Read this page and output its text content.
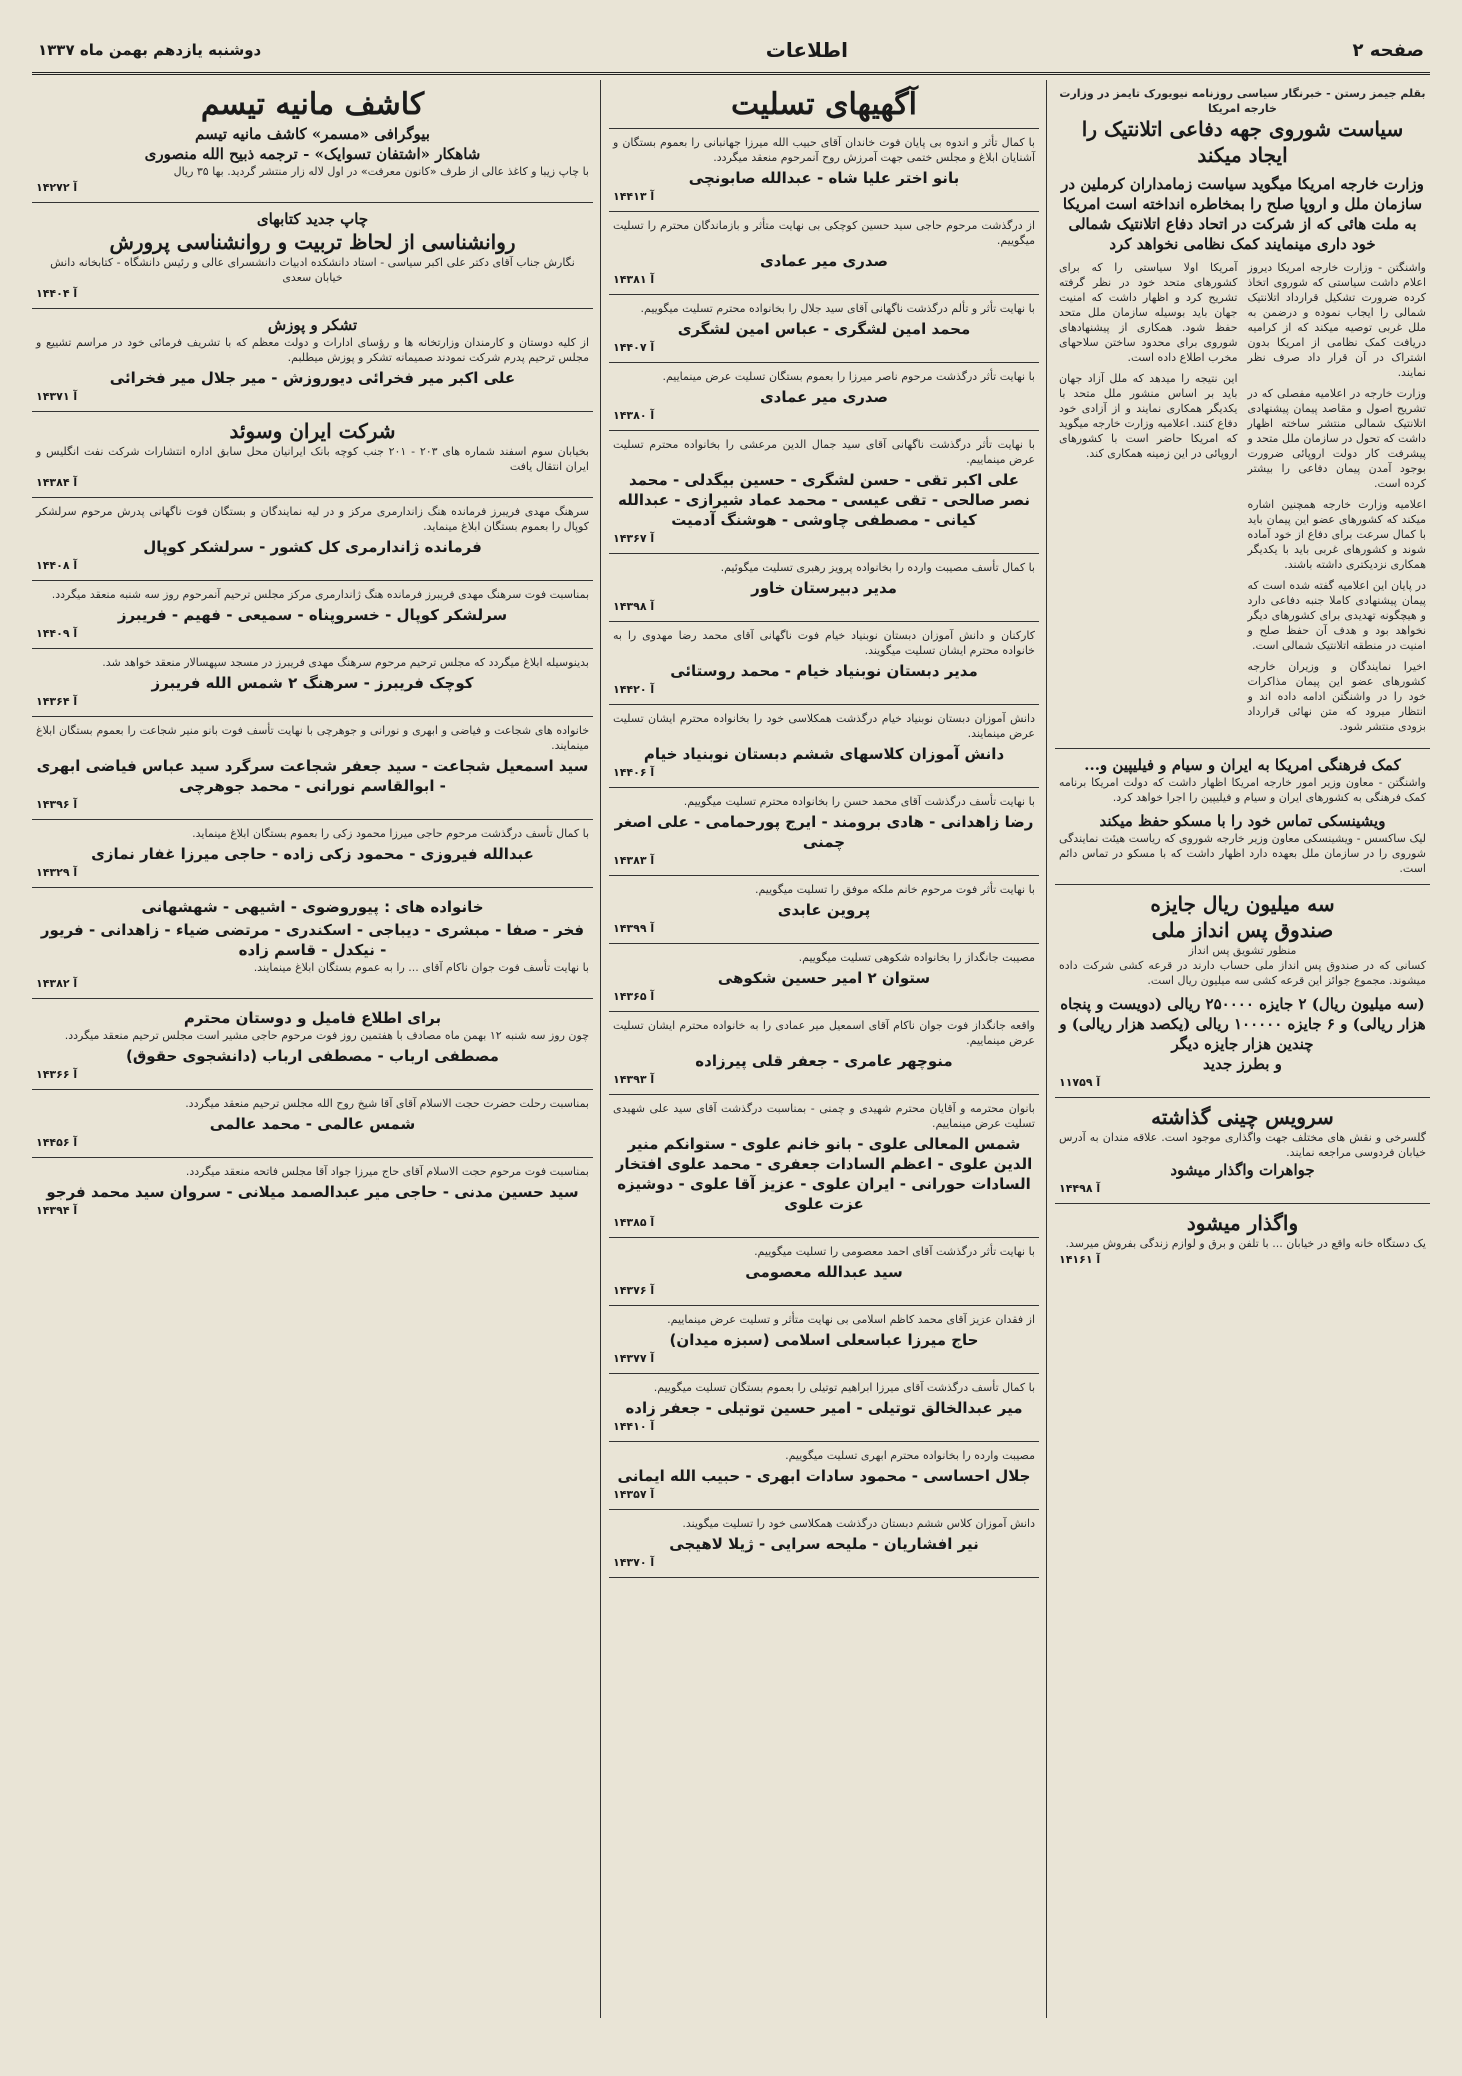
صفحه ۲
اطلاعات
دوشنبه یازدهم بهمن ماه ۱۳۳۷
بقلم جیمز رستن - خبرنگار سیاسی روزنامه نیویورک تایمز در وزارت خارجه امریکا
سیاست شوروی جهه دفاعی اتلانتیک را ایجاد میکند
وزارت خارجه امریکا میگوید سیاست زمامداران کرملین در سازمان ملل و اروپا صلح را بمخاطره انداخته است امریکا به ملت هائی که از شرکت در اتحاد دفاع اتلانتیک شمالی خود داری مینمایند کمک نظامی نخواهد کرد
واشنگتن - وزارت خارجه امریکا دیروز اعلام داشت سیاستی که شوروی اتخاذ کرده ضرورت تشکیل قرارداد اتلانتیک شمالی را ایجاب نموده و درضمن به ملل غربی توصیه میکند که از کرامیه دریافت کمک نظامی از امریکا بدون اشتراک در آن قرار داد صرف نظر نمایند.
وزارت خارجه در اعلامیه مفصلی که در تشریح اصول و مقاصد پیمان پیشنهادی اتلانتیک شمالی منتشر ساخته اظهار داشت که تحول در سازمان ملل متحد و پیشرفت کار دولت اروپائی ضرورت بوجود آمدن پیمان دفاعی را بیشتر کرده است.
اعلامیه وزارت خارجه همچنین اشاره میکند که کشورهای عضو این پیمان باید با کمال سرعت برای دفاع از خود آماده شوند و کشورهای غربی باید با یکدیگر همکاری نزدیکتری داشته باشند.
در پایان این اعلامیه گفته شده است که پیمان پیشنهادی کاملا جنبه دفاعی دارد و هیچگونه تهدیدی برای کشورهای دیگر نخواهد بود و هدف آن حفظ صلح و امنیت در منطقه اتلانتیک شمالی است.
اخیرا نمایندگان و وزیران خارجه کشورهای عضو این پیمان مذاکرات خود را در واشنگتن ادامه داده اند و انتظار میرود که متن نهائی قرارداد بزودی منتشر شود.
آمریکا اولا سیاستی را که برای کشورهای متحد خود در نظر گرفته تشریح کرد و اظهار داشت که امنیت جهان باید بوسیله سازمان ملل متحد حفظ شود. همکاری از پیشنهادهای شوروی برای محدود ساختن سلاحهای مخرب اطلاع داده است.
این نتیجه را میدهد که ملل آزاد جهان باید بر اساس منشور ملل متحد با یکدیگر همکاری نمایند و از آزادی خود دفاع کنند. اعلامیه وزارت خارجه میگوید که امریکا حاضر است با کشورهای اروپائی در این زمینه همکاری کند.
کمک فرهنگی امریکا به ایران و سیام و فیلیپین و...
واشنگتن - معاون وزیر امور خارجه امریکا اظهار داشت که دولت امریکا برنامه کمک فرهنگی به کشورهای ایران و سیام و فیلیپین را اجرا خواهد کرد.
ویشینسکی تماس خود را با مسکو حفظ میکند
لیک ساکسس - ویشینسکی معاون وزیر خارجه شوروی که ریاست هیئت نمایندگی شوروی را در سازمان ملل بعهده دارد اظهار داشت که با مسکو در تماس دائم است.
سه میلیون ریال جایزه
صندوق پس انداز ملی
منظور تشویق پس انداز
کسانی که در صندوق پس انداز ملی حساب دارند در قرعه کشی شرکت داده میشوند. مجموع جوائز این قرعه کشی سه میلیون ریال است.
(سه میلیون ریال) ۲ جایزه ۲۵۰۰۰۰ ریالی (دویست و پنجاه هزار ریالی) و ۶ جایزه ۱۰۰۰۰۰ ریالی (یکصد هزار ریالی) و چندین هزار جایزه دیگر
و بطرز جدید
۱۱۷۵۹ آ
سرویس چینی گذاشته
گلسرخی و نقش های مختلف جهت واگذاری موجود است. علاقه مندان به آدرس خیابان فردوسی مراجعه نمایند.
جواهرات واگذار میشود
۱۴۴۹۸ آ
واگذار میشود
یک دستگاه خانه واقع در خیابان ... با تلفن و برق و لوازم زندگی بفروش میرسد.
۱۴۱۶۱ آ
آگهیهای تسلیت
با کمال تأثر و اندوه بی پایان فوت خاندان آقای حبیب الله میرزا جهانبانی را بعموم بستگان و آشنایان ابلاغ و مجلس ختمی جهت آمرزش روح آنمرحوم منعقد میگردد.
بانو اختر علیا شاه - عبدالله صابونچی
۱۴۴۱۳ آ
از درگذشت مرحوم حاجی سید حسین کوچکی بی نهایت متأثر و بازماندگان محترم را تسلیت میگوییم.
صدری میر عمادی
۱۴۳۸۱ آ
با نهایت تأثر و تألم درگذشت ناگهانی آقای سید جلال را بخانواده محترم تسلیت میگوییم.
محمد امین لشگری - عباس امین لشگری
۱۴۴۰۷ آ
با نهایت تأثر درگذشت مرحوم ناصر میرزا را بعموم بستگان تسلیت عرض مینماییم.
صدری میر عمادی
۱۴۳۸۰ آ
با نهایت تأثر درگذشت ناگهانی آقای سید جمال الدین مرعشی را بخانواده محترم تسلیت عرض مینماییم.
علی اکبر تقی - حسن لشگری - حسین بیگدلی - محمد نصر صالحی - تقی عیسی - محمد عماد شیرازی - عبدالله کیانی - مصطفی چاوشی - هوشنگ آدمیت
۱۴۳۶۷ آ
با کمال تأسف مصیبت وارده را بخانواده پرویز رهبری تسلیت میگوئیم.
مدیر دبیرستان خاور
۱۴۳۹۸ آ
کارکنان و دانش آموزان دبستان نوبنیاد خیام فوت ناگهانی آقای محمد رضا مهدوی را به خانواده محترم ایشان تسلیت میگویند.
مدیر دبستان نوبنیاد خیام - محمد روستائی
۱۴۴۲۰ آ
دانش آموزان دبستان نوبنیاد خیام درگذشت همکلاسی خود را بخانواده محترم ایشان تسلیت عرض مینمایند.
دانش آموزان کلاسهای ششم دبستان نوبنیاد خیام
۱۴۴۰۶ آ
با نهایت تأسف درگذشت آقای محمد حسن را بخانواده محترم تسلیت میگوییم.
رضا زاهدانی - هادی برومند - ایرج پورحمامی - علی اصغر چمنی
۱۴۳۸۳ آ
با نهایت تأثر فوت مرحوم خانم ملکه موفق را تسلیت میگوییم.
پروین عابدی
۱۴۳۹۹ آ
مصیبت جانگداز را بخانواده شکوهی تسلیت میگوییم.
ستوان ۲ امیر حسین شکوهی
۱۴۳۶۵ آ
واقعه جانگداز فوت جوان ناکام آقای اسمعیل میر عمادی را به خانواده محترم ایشان تسلیت عرض مینماییم.
منوچهر عامری - جعفر قلی پیرزاده
۱۴۳۹۳ آ
بانوان محترمه و آقایان محترم شهیدی و چمنی - بمناسبت درگذشت آقای سید علی شهیدی تسلیت عرض مینماییم.
شمس المعالی علوی - بانو خانم علوی - ستوانکم منیر الدین علوی - اعظم السادات جعفری - محمد علوی افتخار السادات حورانی - ایران علوی - عزیز آقا علوی - دوشیزه عزت علوی
۱۴۳۸۵ آ
با نهایت تأثر درگذشت آقای احمد معصومی را تسلیت میگوییم.
سید عبدالله معصومی
۱۴۳۷۶ آ
از فقدان عزیز آقای محمد کاظم اسلامی بی نهایت متأثر و تسلیت عرض مینماییم.
حاج میرزا عباسعلی اسلامی (سبزه میدان)
۱۴۳۷۷ آ
با کمال تأسف درگذشت آقای میرزا ابراهیم توتیلی را بعموم بستگان تسلیت میگوییم.
میر عبدالخالق توتیلی - امیر حسین توتیلی - جعفر زاده
۱۴۴۱۰ آ
مصیبت وارده را بخانواده محترم ابهری تسلیت میگوییم.
جلال احساسی - محمود سادات ابهری - حبیب الله ایمانی
۱۴۳۵۷ آ
دانش آموزان کلاس ششم دبستان درگذشت همکلاسی خود را تسلیت میگویند.
نیر افشاریان - ملیحه سرایی - ژیلا لاهیجی
۱۴۳۷۰ آ
کاشف مانیه تیسم
بیوگرافی «مسمر» کاشف مانیه تیسم
شاهکار «اشتفان تسوایک» - ترجمه ذبیح الله منصوری
با چاپ زیبا و کاغذ عالی از طرف «کانون معرفت» در اول لاله زار منتشر گردید. بها ۳۵ ریال
۱۴۲۷۲ آ
چاپ جدید کتابهای
روانشناسی از لحاظ تربیت و روانشناسی پرورش
نگارش جناب آقای دکتر علی اکبر سیاسی - استاد دانشکده ادبیات دانشسرای عالی و رئیس دانشگاه - کتابخانه دانش خیابان سعدی
۱۴۴۰۴ آ
تشکر و پوزش
از کلیه دوستان و کارمندان وزارتخانه ها و رؤسای ادارات و دولت معظم که با تشریف فرمائی خود در مراسم تشییع و مجلس ترحیم پدرم شرکت نمودند صمیمانه تشکر و پوزش میطلبم.
علی اکبر میر فخرائی دیوروزش - میر جلال میر فخرائی
۱۴۳۷۱ آ
شرکت ایران وسوئد
بخیابان سوم اسفند شماره های ۲۰۳ - ۲۰۱ جنب کوچه بانک ایرانیان محل سابق اداره انتشارات شرکت نفت انگلیس و ایران انتقال یافت
۱۴۳۸۴ آ
سرهنگ مهدی فریبرز فرمانده هنگ زاندارمری مرکز و در لیه نمایندگان و بستگان فوت ناگهانی پدرش مرحوم سرلشکر کوپال را بعموم بستگان ابلاغ مینماید.
فرمانده ژاندارمری کل کشور - سرلشکر کوپال
۱۴۴۰۸ آ
بمناسبت فوت سرهنگ مهدی فریبرز فرمانده هنگ ژاندارمری مرکز مجلس ترحیم آنمرحوم روز سه شنبه منعقد میگردد.
سرلشکر کوپال - خسروپناه - سمیعی - فهیم - فریبرز
۱۴۴۰۹ آ
بدینوسیله ابلاغ میگردد که مجلس ترحیم مرحوم سرهنگ مهدی فریبرز در مسجد سپهسالار منعقد خواهد شد.
کوچک فریبرز - سرهنگ ۲ شمس الله فریبرز
۱۴۳۶۴ آ
خانواده های شجاعت و فیاضی و ابهری و نورانی و جوهرچی با نهایت تأسف فوت بانو منیر شجاعت را بعموم بستگان ابلاغ مینمایند.
سید اسمعیل شجاعت - سید جعفر شجاعت سرگرد سید عباس فیاضی ابهری - ابوالقاسم نورانی - محمد جوهرچی
۱۴۳۹۶ آ
با کمال تأسف درگذشت مرحوم حاجی میرزا محمود زکی را بعموم بستگان ابلاغ مینماید.
عبدالله فیروزی - محمود زکی زاده - حاجی میرزا غفار نمازی
۱۴۳۲۹ آ
خانواده های : پیوروضوی - اشیهی - شهشهانی
فخر - صفا - مبشری - دیباجی - اسکندری - مرتضی ضیاء - زاهدانی - فریور - نیکدل - قاسم زاده
با نهایت تأسف فوت جوان ناکام آقای ... را به عموم بستگان ابلاغ مینمایند.
۱۴۳۸۲ آ
برای اطلاع فامیل و دوستان محترم
چون روز سه شنبه ۱۲ بهمن ماه مصادف با هفتمین روز فوت مرحوم حاجی مشیر است مجلس ترحیم منعقد میگردد.
مصطفی ارباب - مصطفی ارباب (دانشجوی حقوق)
۱۴۳۶۶ آ
بمناسبت رحلت حضرت حجت الاسلام آقای آقا شیخ روح الله مجلس ترحیم منعقد میگردد.
شمس عالمی - محمد عالمی
۱۴۴۵۶ آ
بمناسبت فوت مرحوم حجت الاسلام آقای حاج میرزا جواد آقا مجلس فاتحه منعقد میگردد.
سید حسین مدنی - حاجی میر عبدالصمد میلانی - سروان سید محمد فرجو
۱۴۳۹۴ آ
